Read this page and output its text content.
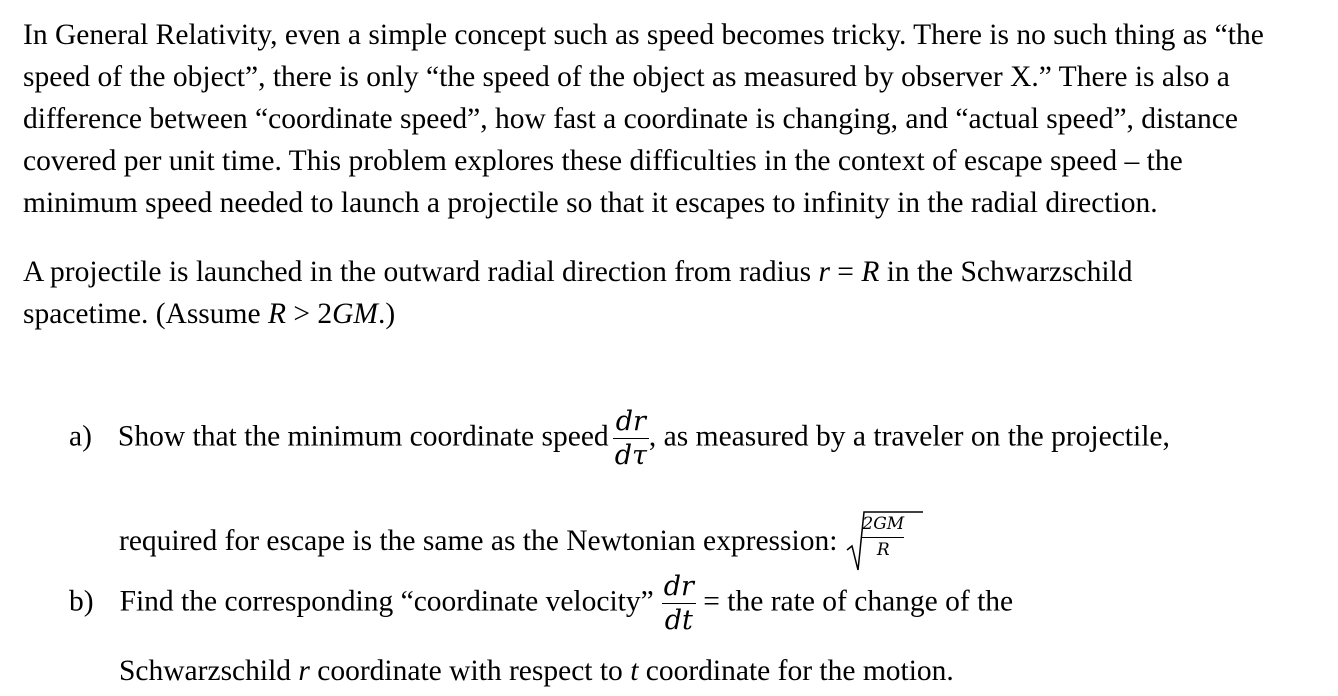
In General Relativity, even a simple concept such as speed becomes tricky. There is no such thing as “the speed of the object”, there is only “the speed of the object as measured by observer X.” There is also a difference between “coordinate speed”, how fast a coordinate is changing, and “actual speed”, distance covered per unit time. This problem explores these difficulties in the context of escape speed – the minimum speed needed to launch a projectile so that it escapes to infinity in the radial direction.

A projectile is launched in the outward radial direction from radius r = R in the Schwarzschild spacetime. (Assume R > 2GM.)

a) Show that the minimum coordinate speed $\frac{dr}{d\tau}$ , as measured by a traveler on the projectile,
required for escape is the same as the Newtonian expression:
2GM
R
b) Find the corresponding “coordinate velocity” $\frac{dr}{dt}$ = the rate of change of the
Schwarzschild r coordinate with respect to t coordinate for the motion.
